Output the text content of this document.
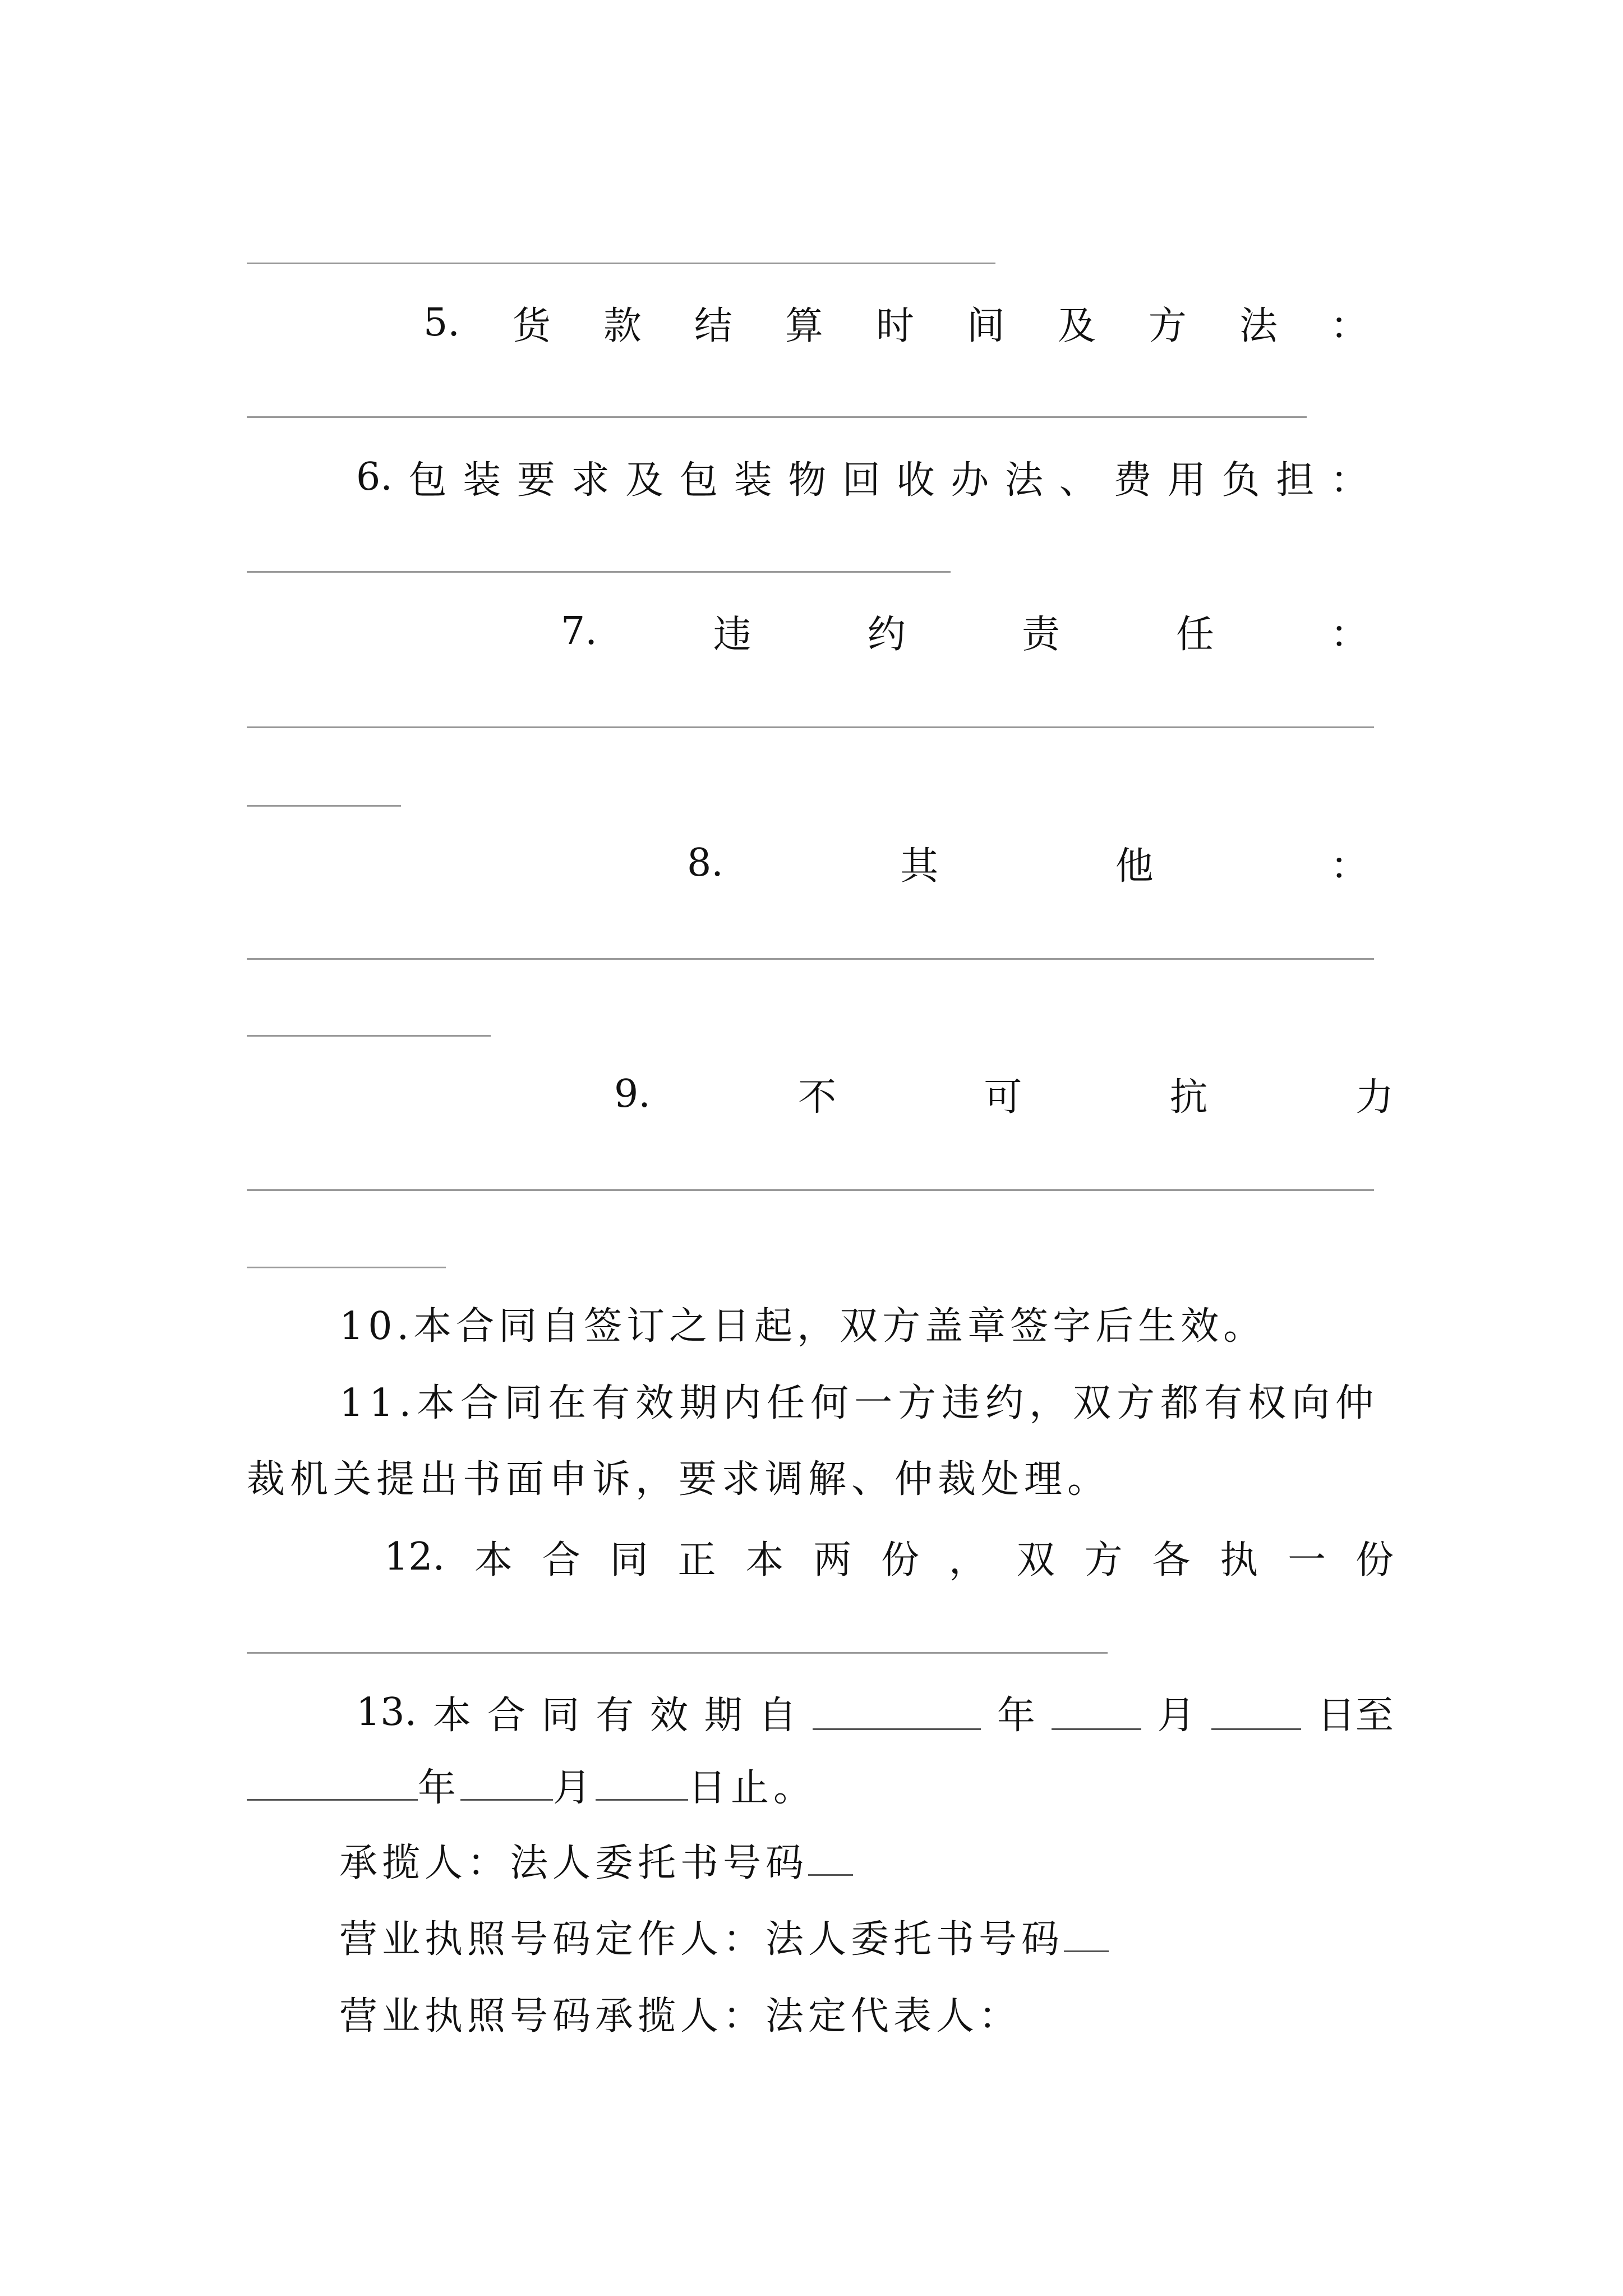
5. 货 款 结 算 时 间 及 方 法 ：
6. 包 装 要 求 及 包 装 物 回 收 办 法 、 费 用 负 担 ：
7.	违	约	责	任	：
8.	其	他	：
9.	不	可	抗	力
10.本合同自签订之日起，双方盖章签字后生效。
11.本合同在有效期内任何一方违约，双方都有权向仲
裁机关提出书面申诉，要求调解、仲裁处理。
12. 本 合 同 正 本 两 份 ， 双 方 各 执 一 份
13. 本 合 同 有 效 期 自	年	月	日至
年 月 日止。
承揽人：法人委托书号码
营业执照号码定作人：法人委托书号码
营业执照号码承揽人：法定代表人：
